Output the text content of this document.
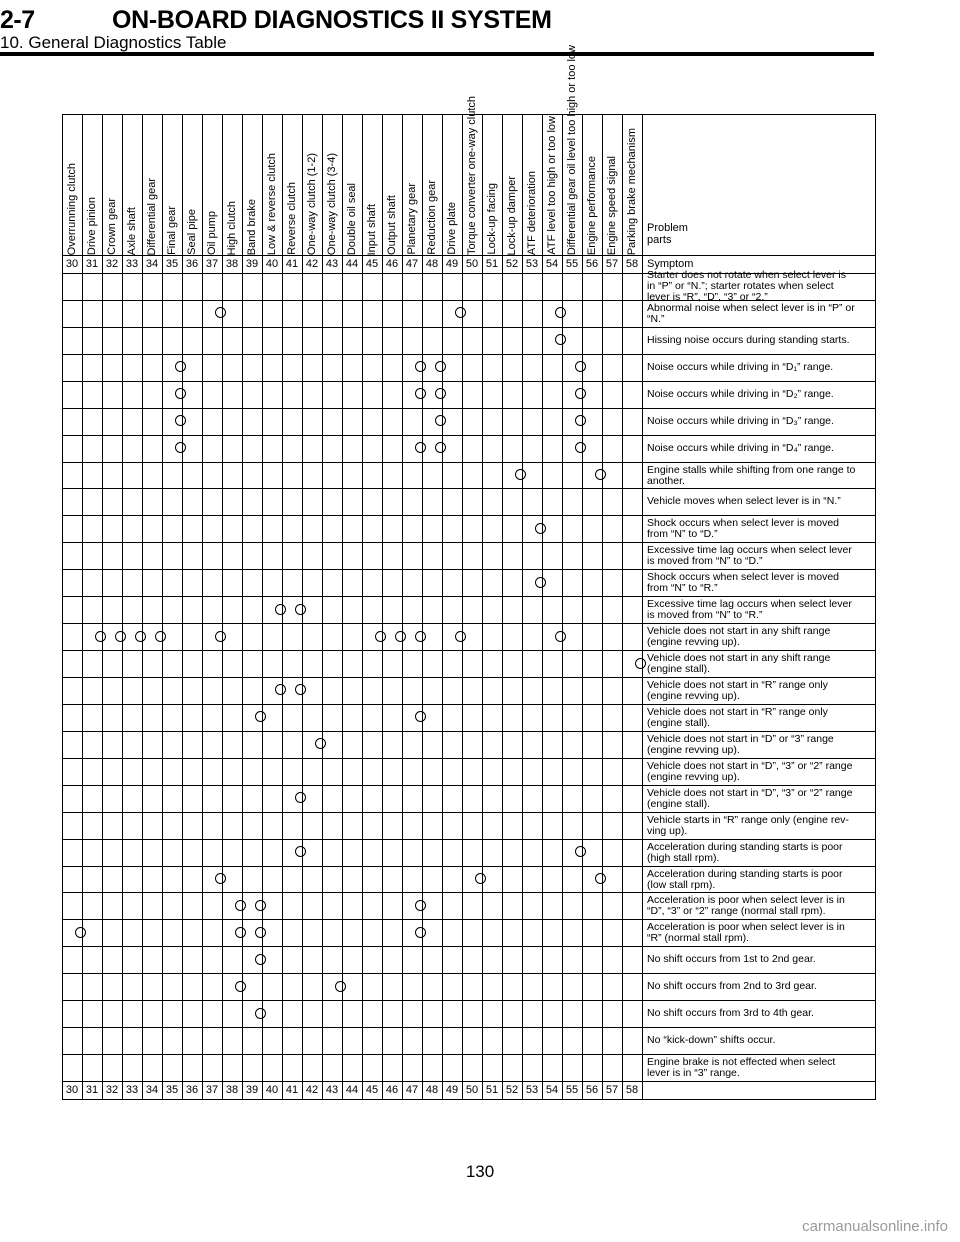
2-7	ON-BOARD DIAGNOSTICS II SYSTEM
10. General Diagnostics Table
Problem parts
Symptom
Overrunning clutch
30
30
Drive pinion
31
31
Crown gear
32
32
Axle shaft
33
33
Differential gear
34
34
Final gear
35
35
Seal pipe
36
36
Oil pump
37
37
High clutch
38
38
Band brake
39
39
Low & reverse clutch
40
40
Reverse clutch
41
41
One-way clutch (1-2)
42
42
One-way clutch (3-4)
43
43
Double oil seal
44
44
Input shaft
45
45
Output shaft
46
46
Planetary gear
47
47
Reduction gear
48
48
Drive plate
49
49
Torque converter one-way clutch
50
50
Lock-up facing
51
51
Lock-up damper
52
52
ATF deterioration
53
53
ATF level too high or too low
54
54
Differential gear oil level too high or too low
55
55
Engine performance
56
56
Engine speed signal
57
57
Parking brake mechanism
58
58
Starter does not rotate when select lever is
in “P” or “N.”; starter rotates when select
lever is “R”, “D”, “3” or “2.”
Abnormal noise when select lever is in “P” or
“N.”
Hissing noise occurs during standing starts.
Noise occurs while driving in “D₁” range.
Noise occurs while driving in “D₂” range.
Noise occurs while driving in “D₃” range.
Noise occurs while driving in “D₄” range.
Engine stalls while shifting from one range to
another.
Vehicle moves when select lever is in “N.”
Shock occurs when select lever is moved
from “N” to “D.”
Excessive time lag occurs when select lever
is moved from “N” to “D.”
Shock occurs when select lever is moved
from “N” to “R.”
Excessive time lag occurs when select lever
is moved from “N” to “R.”
Vehicle does not start in any shift range
(engine revving up).
Vehicle does not start in any shift range
(engine stall).
Vehicle does not start in “R” range only
(engine revving up).
Vehicle does not start in “R” range only
(engine stall).
Vehicle does not start in “D” or “3” range
(engine revving up).
Vehicle does not start in “D”, “3” or “2” range
(engine revving up).
Vehicle does not start in “D”, “3” or “2” range
(engine stall).
Vehicle starts in “R” range only (engine rev-
ving up).
Acceleration during standing starts is poor
(high stall rpm).
Acceleration during standing starts is poor
(low stall rpm).
Acceleration is poor when select lever is in
“D”, “3” or “2” range (normal stall rpm).
Acceleration is poor when select lever is in
“R” (normal stall rpm).
No shift occurs from 1st to 2nd gear.
No shift occurs from 2nd to 3rd gear.
No shift occurs from 3rd to 4th gear.
No “kick-down” shifts occur.
Engine brake is not effected when select
lever is in “3” range.
130
carmanualsonline.info
